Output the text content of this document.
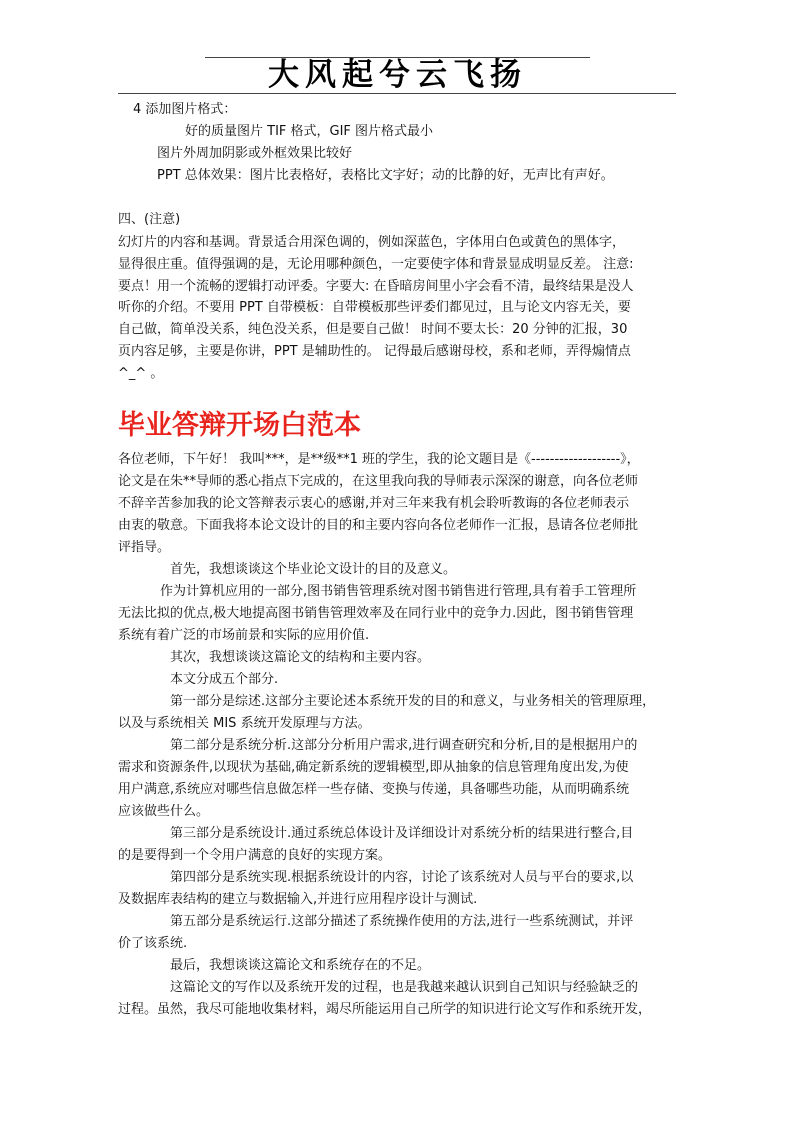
大风起兮云飞扬
4 添加图片格式：
好的质量图片 TIF 格式，GIF 图片格式最小
图片外周加阴影或外框效果比较好
PPT 总体效果：图片比表格好，表格比文字好；动的比静的好，无声比有声好。
四、(注意)
幻灯片的内容和基调。背景适合用深色调的，例如深蓝色，字体用白色或黄色的黑体字，
显得很庄重。值得强调的是，无论用哪种颜色，一定要使字体和背景显成明显反差。 注意:
要点！用一个流畅的逻辑打动评委。字要大: 在昏暗房间里小字会看不清，最终结果是没人
听你的介绍。不要用 PPT 自带模板：自带模板那些评委们都见过，且与论文内容无关，要
自己做，简单没关系，纯色没关系，但是要自己做！ 时间不要太长：20 分钟的汇报，30
页内容足够，主要是你讲，PPT 是辅助性的。 记得最后感谢母校，系和老师，弄得煽情点
^_^ 。
毕业答辩开场白范本
各位老师，下午好！ 我叫***，是**级**1 班的学生，我的论文题目是《-------------------》，
论文是在朱**导师的悉心指点下完成的，在这里我向我的导师表示深深的谢意，向各位老师
不辞辛苦参加我的论文答辩表示衷心的感谢,并对三年来我有机会聆听教诲的各位老师表示
由衷的敬意。下面我将本论文设计的目的和主要内容向各位老师作一汇报，恳请各位老师批
评指导。
首先，我想谈谈这个毕业论文设计的目的及意义。
作为计算机应用的一部分,图书销售管理系统对图书销售进行管理,具有着手工管理所
无法比拟的优点,极大地提高图书销售管理效率及在同行业中的竞争力.因此，图书销售管理
系统有着广泛的市场前景和实际的应用价值.
其次，我想谈谈这篇论文的结构和主要内容。
本文分成五个部分.
第一部分是综述.这部分主要论述本系统开发的目的和意义，与业务相关的管理原理，
以及与系统相关 MIS 系统开发原理与方法。
第二部分是系统分析.这部分分析用户需求,进行调查研究和分析,目的是根据用户的
需求和资源条件,以现状为基础,确定新系统的逻辑模型,即从抽象的信息管理角度出发,为使
用户满意,系统应对哪些信息做怎样一些存储、变换与传递，具备哪些功能，从而明确系统
应该做些什么。
第三部分是系统设计.通过系统总体设计及详细设计对系统分析的结果进行整合,目
的是要得到一个令用户满意的良好的实现方案。
第四部分是系统实现.根据系统设计的内容，讨论了该系统对人员与平台的要求,以
及数据库表结构的建立与数据输入,并进行应用程序设计与测试.
第五部分是系统运行.这部分描述了系统操作使用的方法,进行一些系统测试，并评
价了该系统.
最后，我想谈谈这篇论文和系统存在的不足。
这篇论文的写作以及系统开发的过程，也是我越来越认识到自己知识与经验缺乏的
过程。虽然，我尽可能地收集材料，竭尽所能运用自己所学的知识进行论文写作和系统开发，
